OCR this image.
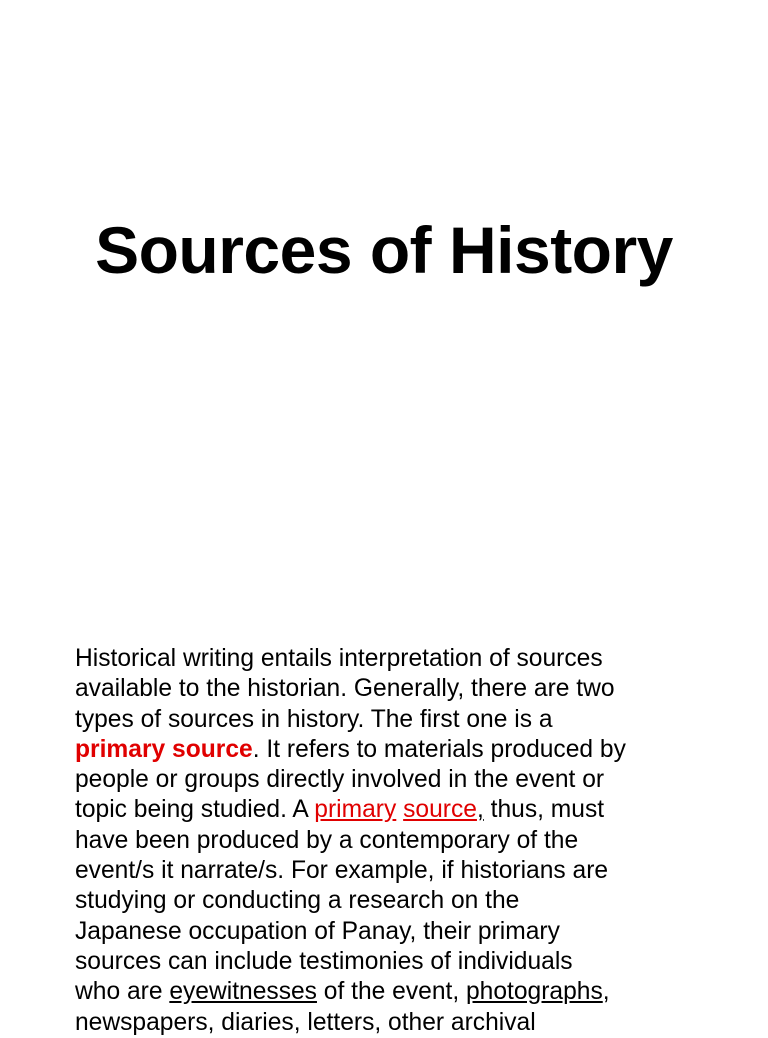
Sources of History

Historical writing entails interpretation of sources
available to the historian. Generally, there are two
types of sources in history. The first one is a
primary source. It refers to materials produced by
people or groups directly involved in the event or
topic being studied. A primary source, thus, must
have been produced by a contemporary of the
event/s it narrate/s. For example, if historians are
studying or conducting a research on the
Japanese occupation of Panay, their primary
sources can include testimonies of individuals
who are eyewitnesses of the event, photographs,
newspapers, diaries, letters, other archival
